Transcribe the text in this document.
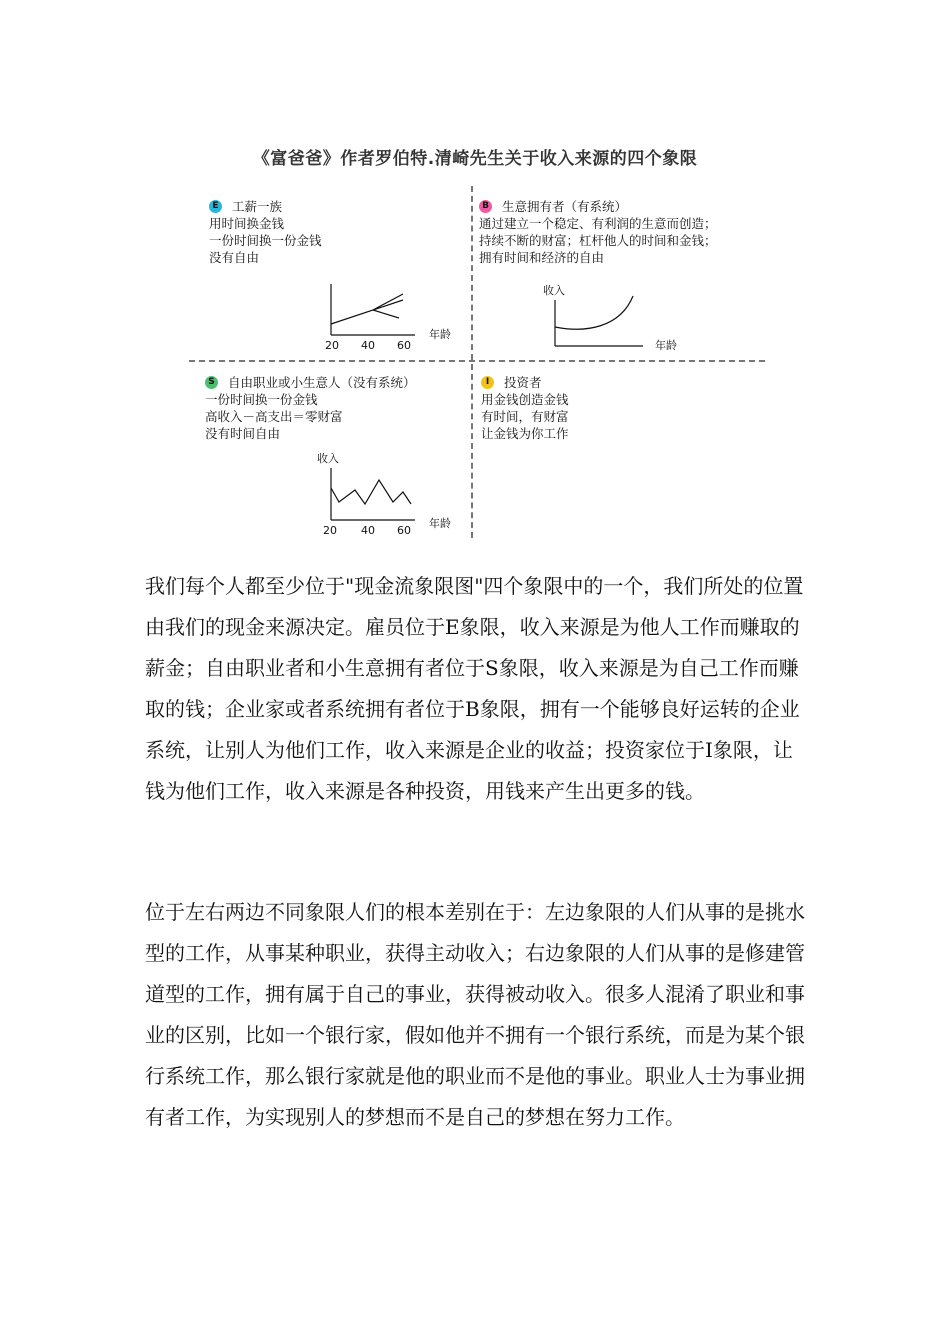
《富爸爸》作者罗伯特.清崎先生关于收入来源的四个象限
E 工薪一族
用时间换金钱
一份时间换一份金钱
没有自由
20 40 60
年龄
B 生意拥有者（有系统）
通过建立一个稳定、有利润的生意而创造；
持续不断的财富；杠杆他人的时间和金钱；
拥有时间和经济的自由
收入
年龄
S 自由职业或小生意人（没有系统）
一份时间换一份金钱
高收入－高支出＝零财富
没有时间自由
收入
20 40 60
年龄
I	投资者
用金钱创造金钱
有时间，有财富
让金钱为你工作

我们每个人都至少位于"现金流象限图"四个象限中的一个，我们所处的位置由我们的现金来源决定。雇员位于E象限，收入来源是为他人工作而赚取的薪金；自由职业者和小生意拥有者位于S象限，收入来源是为自己工作而赚取的钱；企业家或者系统拥有者位于B象限，拥有一个能够良好运转的企业系统，让别人为他们工作，收入来源是企业的收益；投资家位于I象限，让钱为他们工作，收入来源是各种投资，用钱来产生出更多的钱。

位于左右两边不同象限人们的根本差别在于：左边象限的人们从事的是挑水型的工作，从事某种职业，获得主动收入；右边象限的人们从事的是修建管道型的工作，拥有属于自己的事业，获得被动收入。很多人混淆了职业和事业的区别，比如一个银行家，假如他并不拥有一个银行系统，而是为某个银行系统工作，那么银行家就是他的职业而不是他的事业。职业人士为事业拥有者工作，为实现别人的梦想而不是自己的梦想在努力工作。
